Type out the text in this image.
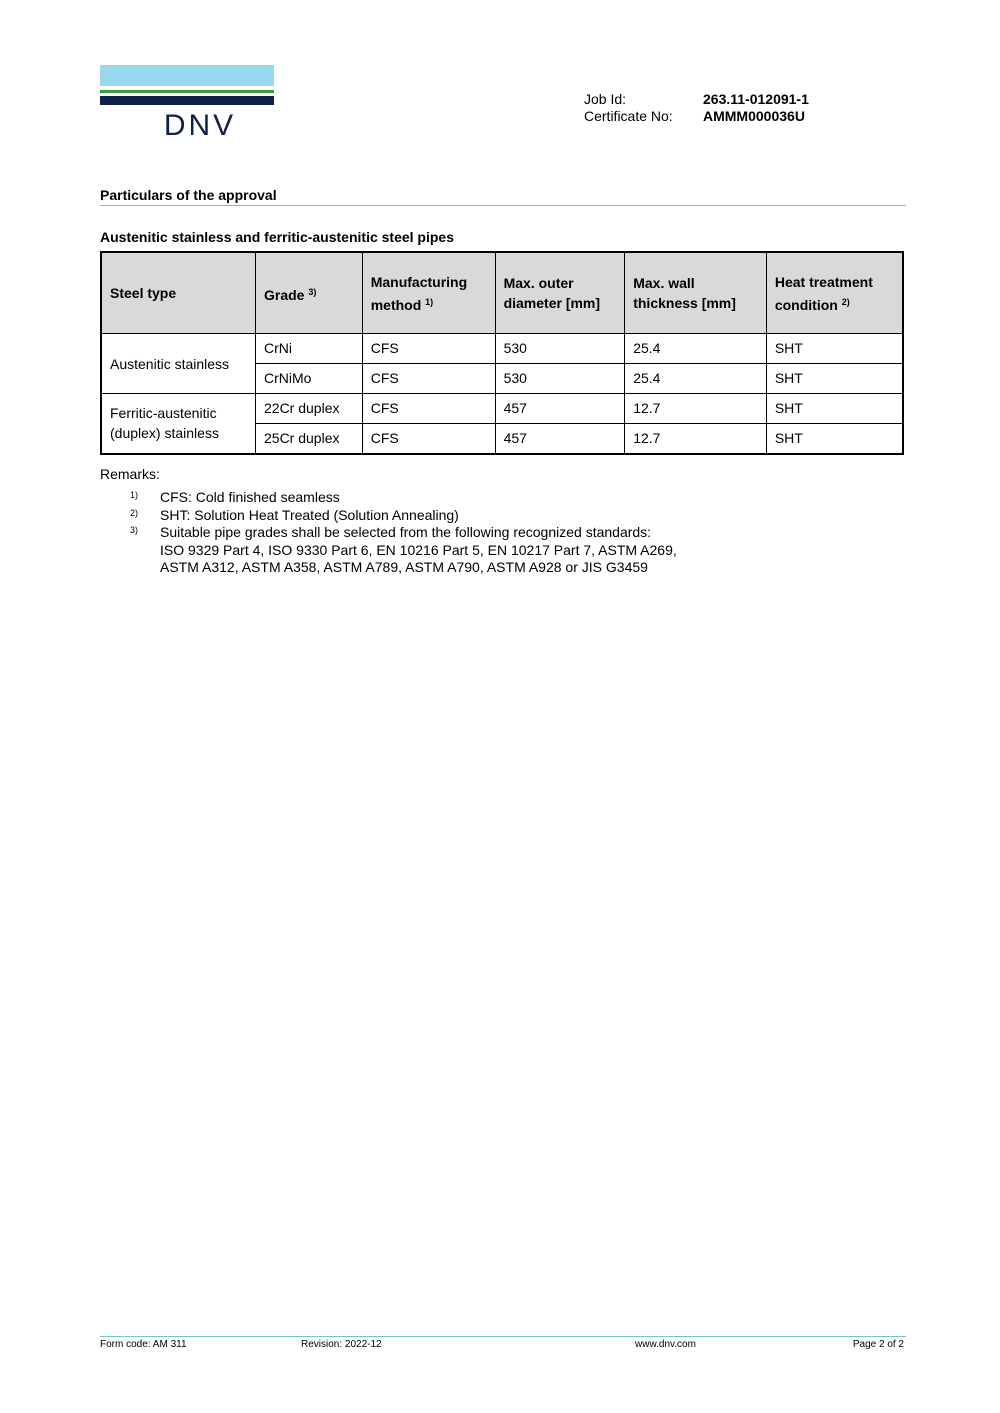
DNV
Job Id:	263.11-012091-1
Certificate No:	AMMM000036U
Particulars of the approval
Austenitic stainless and ferritic-austenitic steel pipes
Steel type	Grade $^{3)}$	Manufacturing method $^{1)}$	Max. outer diameter [mm]	Max. wall thickness [mm]	Heat treatment condition $^{2)}$
Austenitic stainless	CrNi	CFS	530	25.4	SHT
	CrNiMo	CFS	530	25.4	SHT
Ferritic-austenitic (duplex) stainless	22Cr duplex	CFS	457	12.7	SHT
	25Cr duplex	CFS	457	12.7	SHT
Remarks:
1)	CFS: Cold finished seamless
2)	SHT: Solution Heat Treated (Solution Annealing)
3)	Suitable pipe grades shall be selected from the following recognized standards:
ISO 9329 Part 4, ISO 9330 Part 6, EN 10216 Part 5, EN 10217 Part 7, ASTM A269,
ASTM A312, ASTM A358, ASTM A789, ASTM A790, ASTM A928 or JIS G3459
Form code: AM 311	Revision: 2022-12	www.dnv.com	Page 2 of 2
